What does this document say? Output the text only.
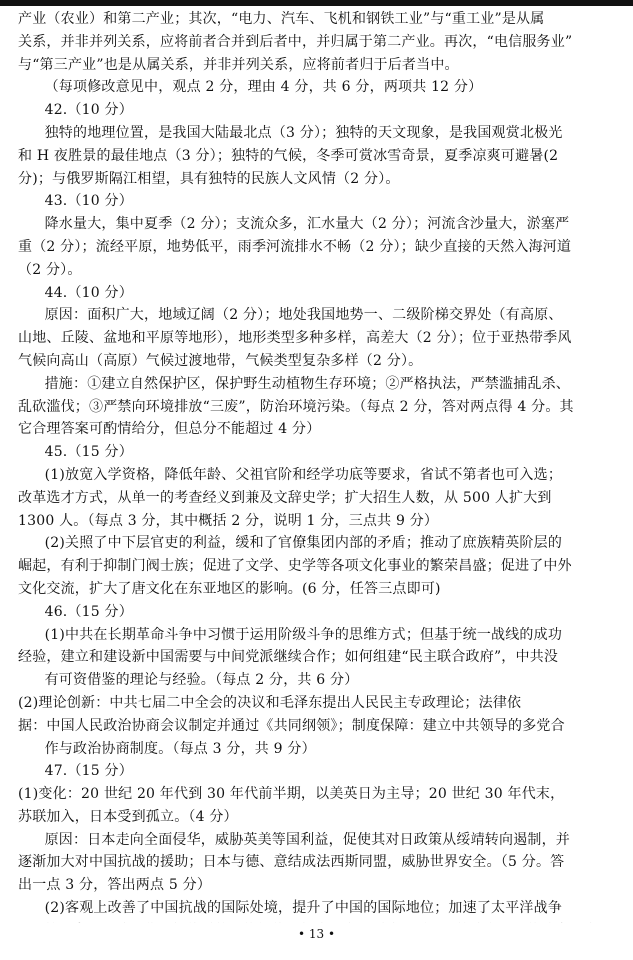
产业（农业）和第二产业；其次，“电力、汽车、飞机和钢铁工业”与“重工业”是从属

关系，并非并列关系，应将前者合并到后者中，并归属于第二产业。再次，“电信服务业”

与“第三产业”也是从属关系，并非并列关系，应将前者归于后者当中。

（每项修改意见中，观点 2 分，理由 4 分，共 6 分，两项共 12 分）

42.（10 分）

独特的地理位置，是我国大陆最北点（3 分）；独特的天文现象，是我国观赏北极光

和 H 夜胜景的最佳地点（3 分）；独特的气候，冬季可赏冰雪奇景，夏季凉爽可避暑(2

分)；与俄罗斯隔江相望，具有独特的民族人文风情（2 分）。

43.（10 分）

降水量大，集中夏季（2 分）；支流众多，汇水量大（2 分）；河流含沙量大，淤塞严

重（2 分）；流经平原，地势低平，雨季河流排水不畅（2 分）；缺少直接的天然入海河道

（2 分）。

44.（10 分）

原因：面积广大，地域辽阔（2 分）；地处我国地势一、二级阶梯交界处（有高原、

山地、丘陵、盆地和平原等地形），地形类型多种多样，高差大（2 分）；位于亚热带季风

气候向高山（高原）气候过渡地带，气候类型复杂多样（2 分）。

措施：①建立自然保护区，保护野生动植物生存环境；②严格执法，严禁滥捕乱杀、

乱砍滥伐；③严禁向环境排放“三废”，防治环境污染。（每点 2 分，答对两点得 4 分。其

它合理答案可酌情给分，但总分不能超过 4 分）

45.（15 分）

(1)放宽入学资格，降低年龄、父祖官阶和经学功底等要求，省试不第者也可入选；

改革选才方式，从单一的考查经义到兼及文辞史学；扩大招生人数，从 500 人扩大到

1300 人。（每点 3 分，其中概括 2 分，说明 1 分，三点共 9 分）

(2)关照了中下层官吏的利益，缓和了官僚集团内部的矛盾；推动了庶族精英阶层的

崛起，有利于抑制门阀士族；促进了文学、史学等各项文化事业的繁荣昌盛；促进了中外

文化交流，扩大了唐文化在东亚地区的影响。(6 分，任答三点即可)

46.（15 分）

(1)中共在长期革命斗争中习惯于运用阶级斗争的思维方式；但基于统一战线的成功

经验，建立和建设新中国需要与中间党派继续合作；如何组建“民主联合政府”，中共没

有可资借鉴的理论与经验。（每点 2 分，共 6 分）

(2)理论创新：中共七届二中全会的决议和毛泽东提出人民民主专政理论；法律依

据：中国人民政治协商会议制定并通过《共同纲领》；制度保障：建立中共领导的多党合

作与政治协商制度。（每点 3 分，共 9 分）

47.（15 分）

(1)变化：20 世纪 20 年代到 30 年代前半期，以美英日为主导；20 世纪 30 年代末，

苏联加入，日本受到孤立。（4 分）

原因：日本走向全面侵华，威胁英美等国利益，促使其对日政策从绥靖转向遏制，并

逐渐加大对中国抗战的援助；日本与德、意结成法西斯同盟，威胁世界安全。（5 分。答

出一点 3 分，答出两点 5 分）

(2)客观上改善了中国抗战的国际处境，提升了中国的国际地位；加速了太平洋战争

• 13 •
